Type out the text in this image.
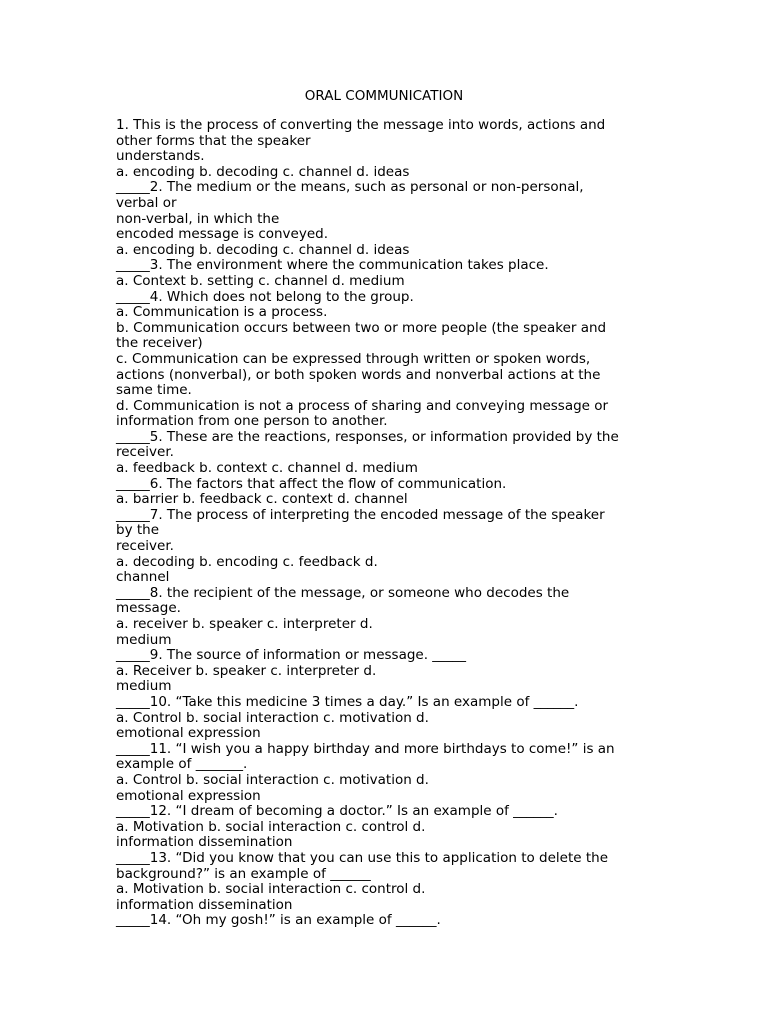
ORAL COMMUNICATION
1. This is the process of converting the message into words, actions and
other forms that the speaker
understands.
a. encoding b. decoding c. channel d. ideas
_____2. The medium or the means, such as personal or non-personal,
verbal or
non-verbal, in which the
encoded message is conveyed.
a. encoding b. decoding c. channel d. ideas
_____3. The environment where the communication takes place.
a. Context b. setting c. channel d. medium
_____4. Which does not belong to the group.
a. Communication is a process.
b. Communication occurs between two or more people (the speaker and
the receiver)
c. Communication can be expressed through written or spoken words,
actions (nonverbal), or both spoken words and nonverbal actions at the
same time.
d. Communication is not a process of sharing and conveying message or
information from one person to another.
_____5. These are the reactions, responses, or information provided by the
receiver.
a. feedback b. context c. channel d. medium
_____6. The factors that affect the flow of communication.
a. barrier b. feedback c. context d. channel
_____7. The process of interpreting the encoded message of the speaker
by the
receiver.
a. decoding b. encoding c. feedback d.
channel
_____8. the recipient of the message, or someone who decodes the
message.
a. receiver b. speaker c. interpreter d.
medium
_____9. The source of information or message. _____
a. Receiver b. speaker c. interpreter d.
medium
_____10. “Take this medicine 3 times a day.” Is an example of ______.
a. Control b. social interaction c. motivation d.
emotional expression
_____11. “I wish you a happy birthday and more birthdays to come!” is an
example of _______.
a. Control b. social interaction c. motivation d.
emotional expression
_____12. “I dream of becoming a doctor.” Is an example of ______.
a. Motivation b. social interaction c. control d.
information dissemination
_____13. “Did you know that you can use this to application to delete the
background?” is an example of ______
a. Motivation b. social interaction c. control d.
information dissemination
_____14. “Oh my gosh!” is an example of ______.
